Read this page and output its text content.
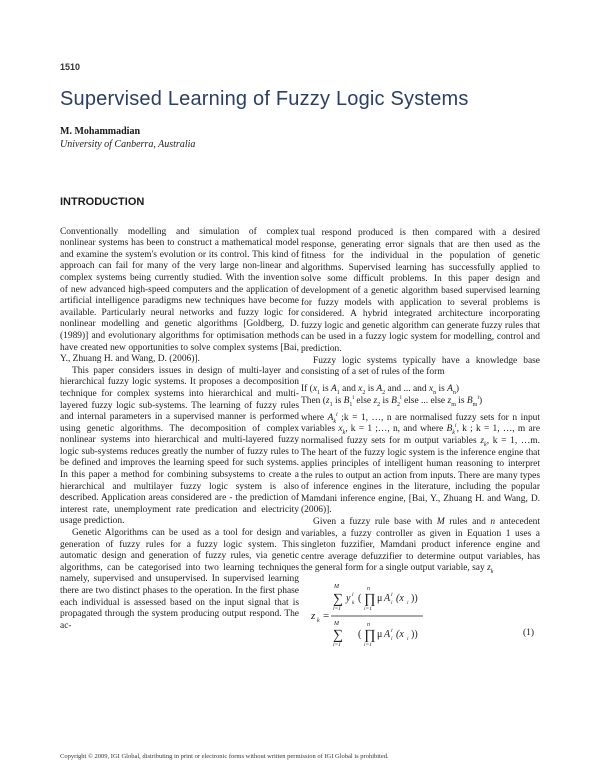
1510
Supervised Learning of Fuzzy Logic Systems
M. Mohammadian
University of Canberra, Australia
INTRODUCTION

Conventionally modelling and simulation of complex nonlinear systems has been to construct a mathematical model and examine the system's evolution or its control. This kind of approach can fail for many of the very large non-linear and complex systems being currently studied. With the invention of new advanced high-speed computers and the application of artificial intelligence paradigms new techniques have become available. Particularly neural networks and fuzzy logic for nonlinear modelling and genetic algorithms [Goldberg, D. (1989)] and evolutionary algorithms for optimisation methods have created new opportunities to solve complex systems [Bai, Y., Zhuang H. and Wang, D. (2006)].

This paper considers issues in design of multi-layer and hierarchical fuzzy logic systems. It proposes a decomposition technique for complex systems into hierarchical and multi-layered fuzzy logic sub-systems. The learning of fuzzy rules and internal parameters in a supervised manner is performed using genetic algorithms. The decomposition of complex nonlinear systems into hierarchical and multi-layered fuzzy logic sub-systems reduces greatly the number of fuzzy rules to be defined and improves the learning speed for such systems. In this paper a method for combining subsystems to create a hierarchical and multilayer fuzzy logic system is also described. Application areas considered are - the prediction of interest rate, unemployment rate predication and electricity usage prediction.

Genetic Algorithms can be used as a tool for design and generation of fuzzy rules for a fuzzy logic system. This automatic design and generation of fuzzy rules, via genetic algorithms, can be categorised into two learning techniques namely, supervised and unsupervised. In supervised learning there are two distinct phases to the operation. In the first phase each individual is assessed based on the input signal that is propagated through the system producing output respond. The ac-

tual respond produced is then compared with a desired response, generating error signals that are then used as the fitness for the individual in the population of genetic algorithms. Supervised learning has successfully applied to solve some difficult problems. In this paper design and development of a genetic algorithm based supervised learning for fuzzy models with application to several problems is considered. A hybrid integrated architecture incorporating fuzzy logic and genetic algorithm can generate fuzzy rules that can be used in a fuzzy logic system for modelling, control and prediction.

Fuzzy logic systems typically have a knowledge base consisting of a set of rules of the form

If ($x_1$ is $A_1$ and $x_2$ is $A_2$ and ... and $x_n$ is $A_n$)
Then ($z_1$ is $B_1^i$ else $z_2$ is $B_2^i$ else ... else $z_m$ is $B_m^i$)

where $A_k^i$ ;k = 1, …, n are normalised fuzzy sets for n input variables $x_k$, k = 1 ;…, n, and where $B_k^i$, k ; k = 1, …, m are normalised fuzzy sets for m output variables $z_k$, k = 1, …m. The heart of the fuzzy logic system is the inference engine that applies principles of intelligent human reasoning to interpret the rules to output an action from inputs. There are many types of inference engines in the literature, including the popular Mamdani inference engine, [Bai, Y., Zhuang H. and Wang, D. (2006)].

Given a fuzzy rule base with M rules and n antecedent variables, a fuzzy controller as given in Equation 1 uses a singleton fuzzifier, Mamdani product inference engine and centre average defuzzifier to determine output variables, has the general form for a single output variable, say $z_k$

z k =
M
∑
l=1
y l
k (
n
∏
i=1
μ A l
i (x i ))
M
∑
l=1
(
n
∏
i=1
μ A l
i (x i ))	(1)
Copyright © 2009, IGI Global, distributing in print or electronic forms without written permission of IGI Global is prohibited.
